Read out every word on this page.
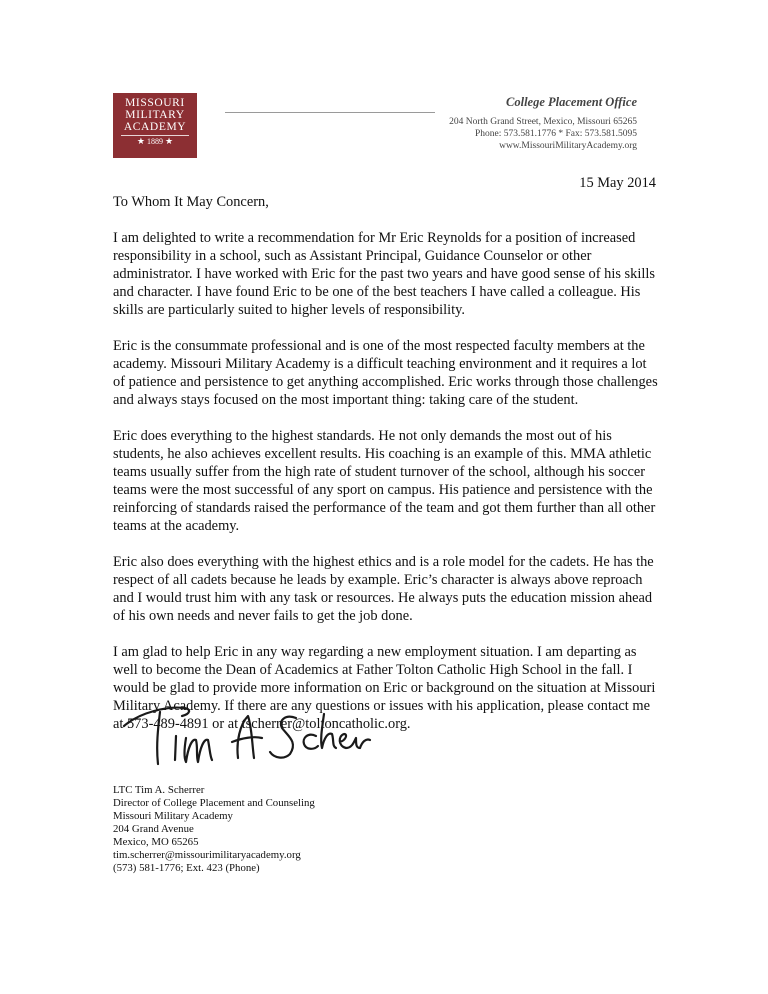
MISSOURI
MILITARY
ACADEMY
★ 1889 ★
College Placement Office
204 North Grand Street, Mexico, Missouri 65265
Phone: 573.581.1776 * Fax: 573.581.5095
www.MissouriMilitaryAcademy.org
15 May 2014

To Whom It May Concern,

I am delighted to write a recommendation for Mr Eric Reynolds for a position of increased responsibility in a school, such as Assistant Principal, Guidance Counselor or other administrator. I have worked with Eric for the past two years and have good sense of his skills and character. I have found Eric to be one of the best teachers I have called a colleague. His skills are particularly suited to higher levels of responsibility.

Eric is the consummate professional and is one of the most respected faculty members at the academy. Missouri Military Academy is a difficult teaching environment and it requires a lot of patience and persistence to get anything accomplished. Eric works through those challenges and always stays focused on the most important thing: taking care of the student.

Eric does everything to the highest standards. He not only demands the most out of his students, he also achieves excellent results. His coaching is an example of this. MMA athletic teams usually suffer from the high rate of student turnover of the school, although his soccer teams were the most successful of any sport on campus. His patience and persistence with the reinforcing of standards raised the performance of the team and got them further than all other teams at the academy.

Eric also does everything with the highest ethics and is a role model for the cadets. He has the respect of all cadets because he leads by example. Eric’s character is always above reproach and I would trust him with any task or resources. He always puts the education mission ahead of his own needs and never fails to get the job done.

I am glad to help Eric in any way regarding a new employment situation. I am departing as well to become the Dean of Academics at Father Tolton Catholic High School in the fall. I would be glad to provide more information on Eric or background on the situation at Missouri Military Academy. If there are any questions or issues with his application, please contact me at 573-489-4891 or at tscherrer@toltoncatholic.org.

LTC Tim A. Scherrer
Director of College Placement and Counseling
Missouri Military Academy
204 Grand Avenue
Mexico, MO 65265
tim.scherrer@missourimilitaryacademy.org
(573) 581-1776; Ext. 423 (Phone)
